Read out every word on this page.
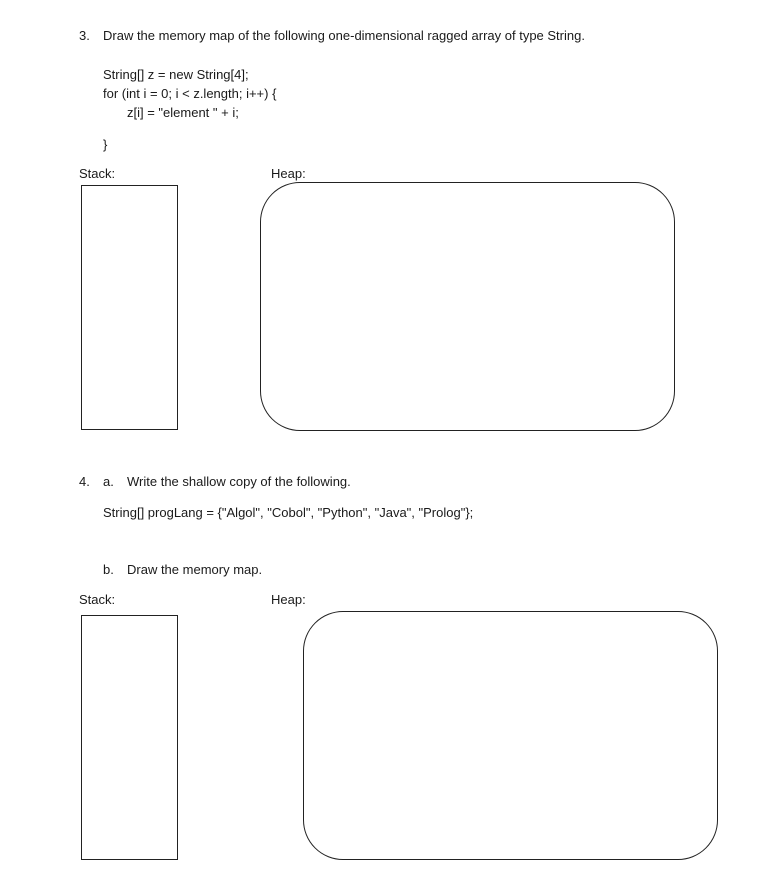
3. Draw the memory map of the following one-dimensional ragged array of type String.
String[] z = new String[4];
for (int i = 0; i < z.length; i++) {
z[i] = "element " + i;
}
Stack:	Heap:
4. a. Write the shallow copy of the following.
String[] progLang = {"Algol", "Cobol", "Python", "Java", "Prolog"};
b. Draw the memory map.
Stack:	Heap:
